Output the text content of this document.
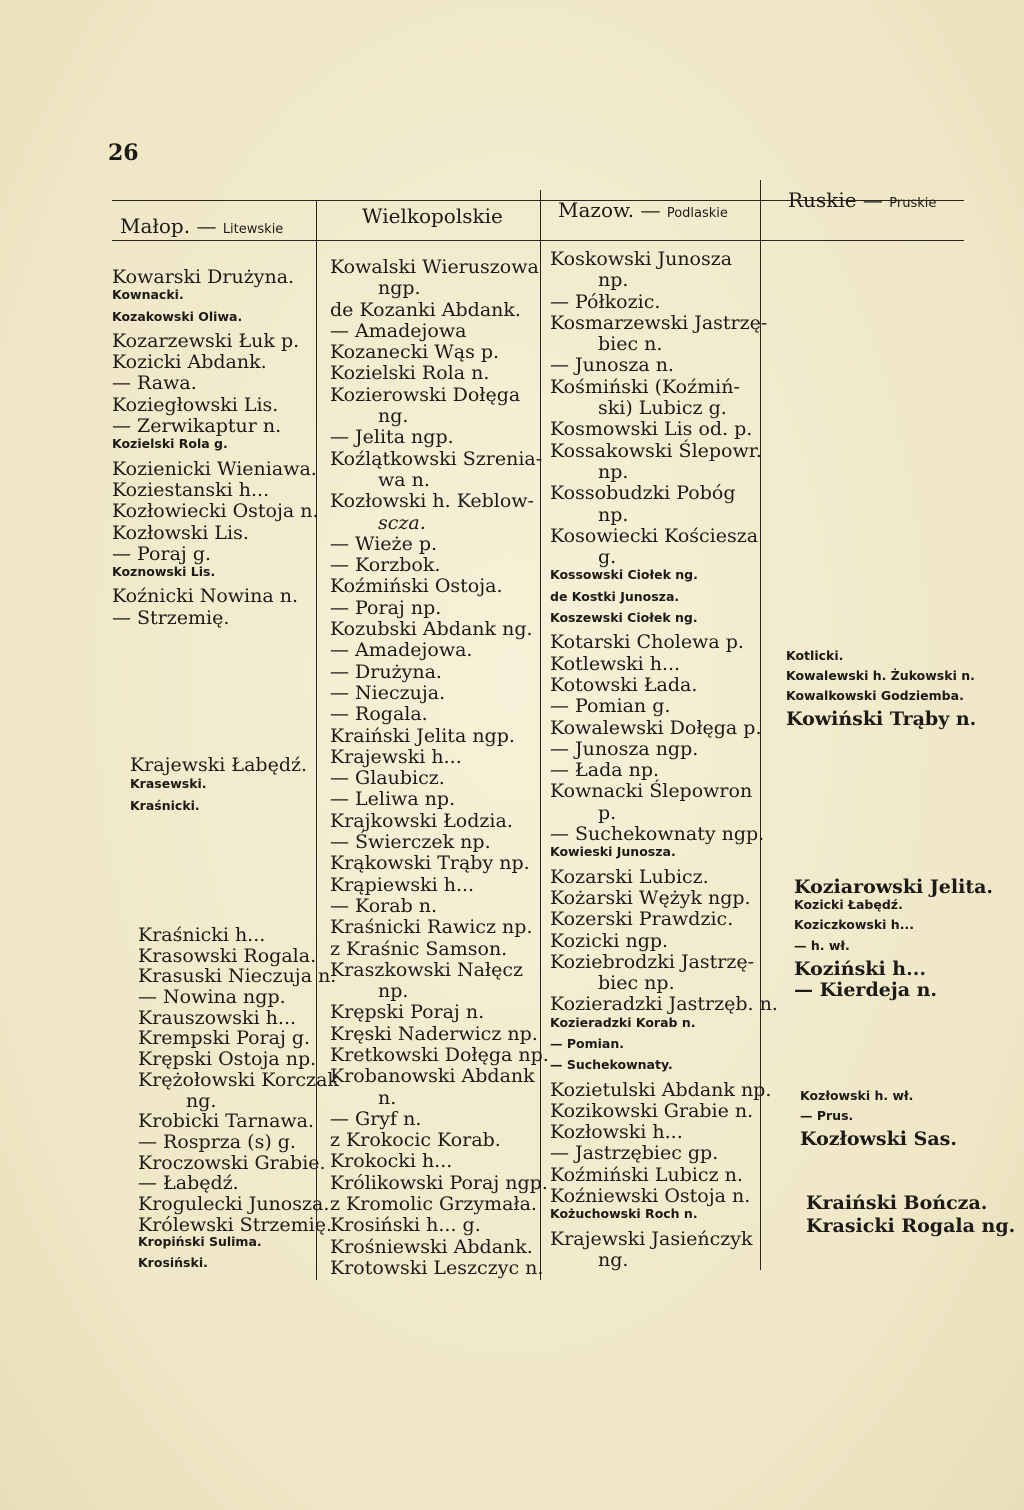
26
Małop. — Litewskie
Wielkopolskie	Mazow. — Podlaskie
Ruskie — Pruskie
Kowarski Drużyna.
Kownacki.
Kozakowski Oliwa.
Kozarzewski Łuk p.
Kozicki Abdank.
— Rawa.
Koziegłowski Lis.
— Zerwikaptur n.
Kozielski Rola g.
Kozienicki Wieniawa.
Koziestanski h...
Kozłowiecki Ostoja n.
Kozłowski Lis.
— Poraj g.
Koznowski Lis.
Koźnicki Nowina n.
— Strzemię.
Krajewski Łabędź.
Krasewski.
Kraśnicki.
Kraśnicki h...
Krasowski Rogala.
Krasuski Nieczuja n.
— Nowina ngp.
Krauszowski h...
Krempski Poraj g.
Krępski Ostoja np.
Krężołowski Korczak
ng.
Krobicki Tarnawa.
— Rosprza (s) g.
Kroczowski Grabie.
— Łabędź.
Krogulecki Junosza.
Królewski Strzemię.
Kropiński Sulima.
Krosiński.
Kowalski Wieruszowa
ngp.
de Kozanki Abdank.
— Amadejowa
Kozanecki Wąs p.
Kozielski Rola n.
Kozierowski Dołęga
ng.
— Jelita ngp.
Koźlątkowski Szrenia-
wa n.
Kozłowski h. Keblow-
scza.
— Wieże p.
— Korzbok.
Koźmiński Ostoja.
— Poraj np.
Kozubski Abdank ng.
— Amadejowa.
— Drużyna.
— Nieczuja.
— Rogala.
Kraiński Jelita ngp.
Krajewski h...
— Glaubicz.
— Leliwa np.
Krajkowski Łodzia.
— Świerczek np.
Krąkowski Trąby np.
Krąpiewski h...
— Korab n.
Kraśnicki Rawicz np.
z Kraśnic Samson.
Kraszkowski Nałęcz
np.
Krępski Poraj n.
Kręski Naderwicz np.
Kretkowski Dołęga np.
Krobanowski Abdank
n.
— Gryf n.
z Krokocic Korab.
Krokocki h...
Królikowski Poraj ngp.
z Kromolic Grzymała.
Krosiński h... g.
Krośniewski Abdank.
Krotowski Leszczyc n.
Koskowski Junosza
np.
— Półkozic.
Kosmarzewski Jastrzę-
biec n.
— Junosza n.
Kośmiński (Koźmiń-
ski) Lubicz g.
Kosmowski Lis od. p.
Kossakowski Ślepowr.
np.
Kossobudzki Pobóg
np.
Kosowiecki Kościesza
g.
Kossowski Ciołek ng.
de Kostki Junosza.
Koszewski Ciołek ng.
Kotarski Cholewa p.
Kotlewski h...
Kotowski Łada.
— Pomian g.
Kowalewski Dołęga p.
— Junosza ngp.
— Łada np.
Kownacki Ślepowron
p.
— Suchekownaty ngp.
Kowieski Junosza.
Kozarski Lubicz.
Kożarski Wężyk ngp.
Kozerski Prawdzic.
Kozicki ngp.
Koziebrodzki Jastrzę-
biec np.
Kozieradzki Jastrzęb. n.
Kozieradzki Korab n.
— Pomian.
— Suchekownaty.
Kozietulski Abdank np.
Kozikowski Grabie n.
Kozłowski h...
— Jastrzębiec gp.
Koźmiński Lubicz n.
Koźniewski Ostoja n.
Kożuchowski Roch n.
Krajewski Jasieńczyk
ng.
Kotlicki.
Kowalewski h. Żukowski n.
Kowalkowski Godziemba.
Kowiński Trąby n.
Koziarowski Jelita.
Kozicki Łabędź.
Koziczkowski h...
— h. wł.
Koziński h...
— Kierdeja n.
Kozłowski h. wł.
— Prus.
Kozłowski Sas.
Kraiński Bończa.
Krasicki Rogala ng.
